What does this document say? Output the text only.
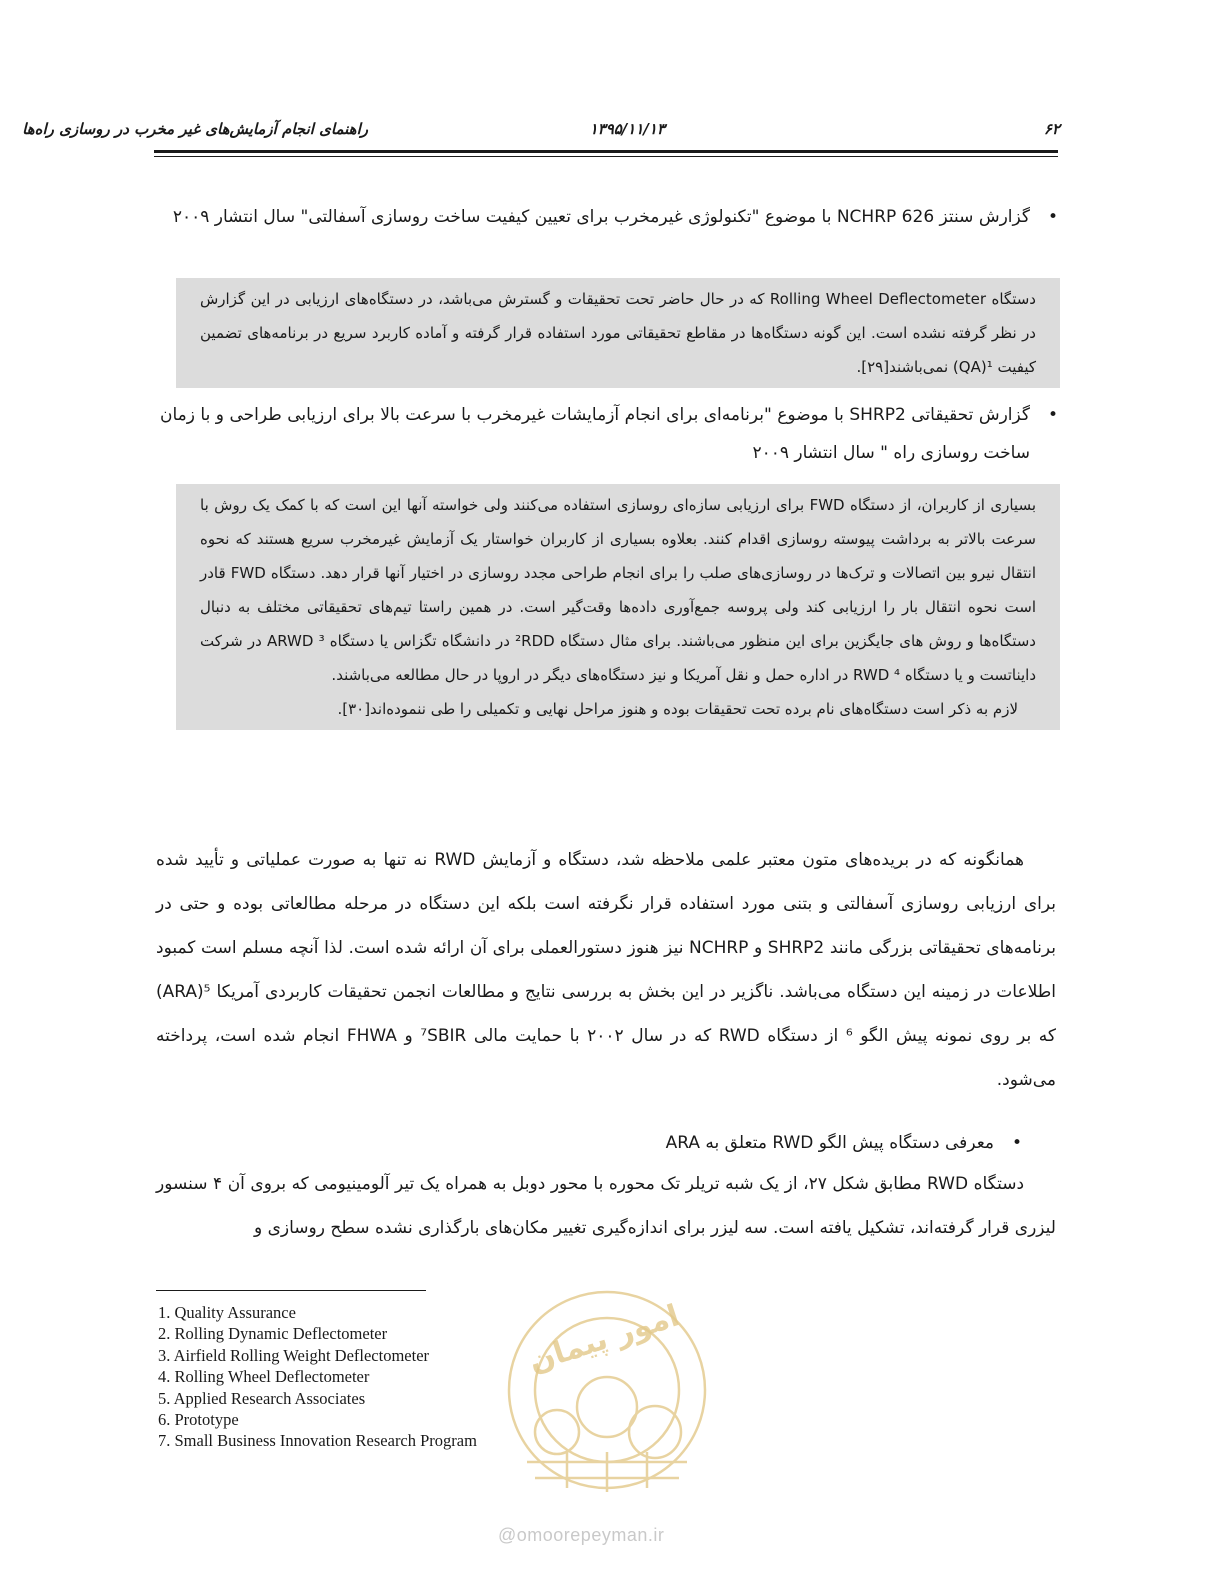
۶۲
۱۳۹۵/۱۱/۱۳
راهنمای انجام آزمایش‌های غیر مخرب در روسازی راه‌ها
•
گزارش سنتز NCHRP 626 با موضوع "تکنولوژی غیرمخرب برای تعیین کیفیت ساخت روسازی آسفالتی" سال انتشار ۲۰۰۹

دستگاه Rolling Wheel Deflectometer که در حال حاضر تحت تحقیقات و گسترش می‌باشد، در دستگاه‌های ارزیابی در این گزارش در نظر گرفته نشده است. این گونه دستگاه‌ها در مقاطع تحقیقاتی مورد استفاده قرار گرفته و آماده کاربرد سریع در برنامه‌های تضمین کیفیت ¹(QA) نمی‌باشند[۲۹].

•
گزارش تحقیقاتی SHRP2 با موضوع "برنامه‌ای برای انجام آزمایشات غیرمخرب با سرعت بالا برای ارزیابی طراحی و با زمان ساخت روسازی راه " سال انتشار ۲۰۰۹

بسیاری از کاربران، از دستگاه FWD برای ارزیابی سازه‌ای روسازی استفاده می‌کنند ولی خواسته آنها این است که با کمک یک روش با سرعت بالاتر به برداشت پیوسته روسازی اقدام کنند. بعلاوه بسیاری از کاربران خواستار یک آزمایش غیرمخرب سریع هستند که نحوه انتقال نیرو بین اتصالات و ترک‌ها در روسازی‌های صلب را برای انجام طراحی مجدد روسازی در اختیار آنها قرار دهد. دستگاه FWD قادر است نحوه انتقال بار را ارزیابی کند ولی پروسه جمع‌آوری داده‌ها وقت‌گیر است. در همین راستا تیم‌های تحقیقاتی مختلف به دنبال دستگاه‌ها و روش های جایگزین برای این منظور می‌باشند. برای مثال دستگاه ²RDD در دانشگاه تگزاس یا دستگاه ³ ARWD در شرکت دایناتست و یا دستگاه ⁴ RWD در اداره حمل و نقل آمریکا و نیز دستگاه‌های دیگر در اروپا در حال مطالعه می‌باشند.

لازم به ذکر است دستگاه‌های نام برده تحت تحقیقات بوده و هنوز مراحل نهایی و تکمیلی را طی ننموده‌اند[۳۰].

همانگونه که در بریده‌های متون معتبر علمی ملاحظه شد، دستگاه و آزمایش RWD نه تنها به صورت عملیاتی و تأیید شده برای ارزیابی روسازی آسفالتی و بتنی مورد استفاده قرار نگرفته است بلکه این دستگاه در مرحله مطالعاتی بوده و حتی در برنامه‌های تحقیقاتی بزرگی مانند SHRP2 و NCHRP نیز هنوز دستورالعملی برای آن ارائه شده است. لذا آنچه مسلم است کمبود اطلاعات در زمینه این دستگاه می‌باشد. ناگزیر در این بخش به بررسی نتایج و مطالعات انجمن تحقیقات کاربردی آمریکا ⁵(ARA) که بر روی نمونه پیش الگو ⁶ از دستگاه RWD که در سال ۲۰۰۲ با حمایت مالی ⁷SBIR و FHWA انجام شده است، پرداخته می‌شود.

•
معرفی دستگاه پیش الگو RWD متعلق به ARA

دستگاه RWD مطابق شکل ۲۷، از یک شبه تریلر تک محوره با محور دوبل به همراه یک تیر آلومینیومی که بروی آن ۴ سنسور لیزری قرار گرفته‌اند، تشکیل یافته است. سه لیزر برای اندازه‌گیری تغییر مکان‌های بارگذاری نشده سطح روسازی و

امور پیمان
1. Quality Assurance
2. Rolling Dynamic Deflectometer
3. Airfield Rolling Weight Deflectometer
4. Rolling Wheel Deflectometer
5. Applied Research Associates
6. Prototype
7. Small Business Innovation Research Program
@omoorepeyman.ir
